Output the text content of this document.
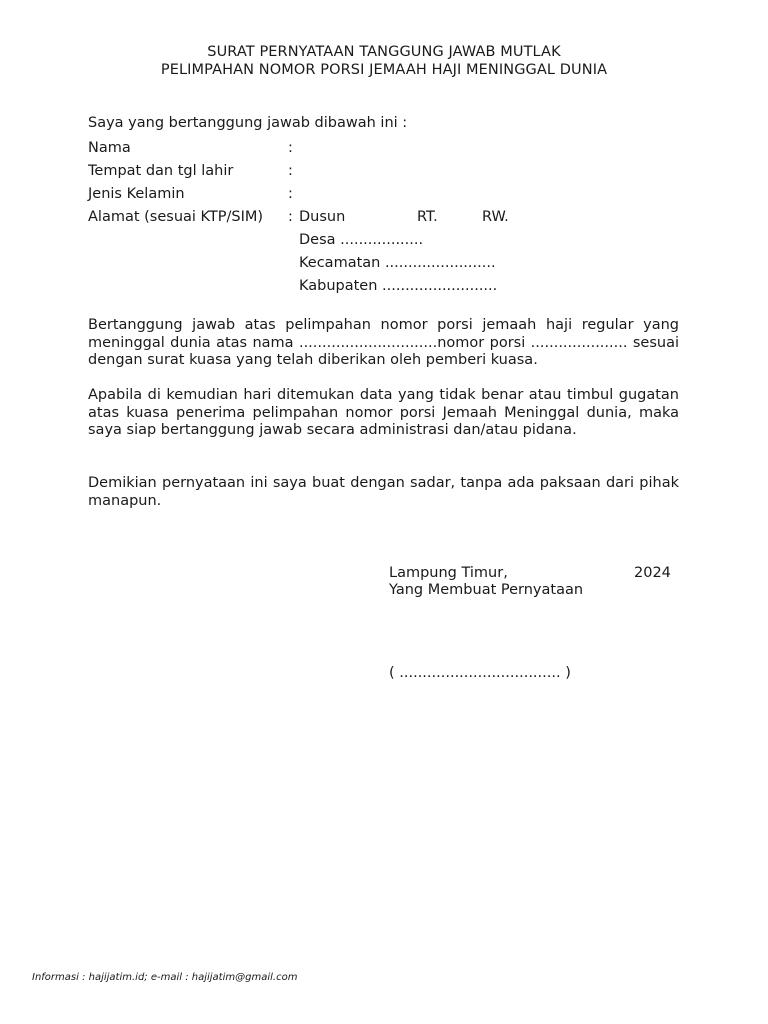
SURAT PERNYATAAN TANGGUNG JAWAB MUTLAK
PELIMPAHAN NOMOR PORSI JEMAAH HAJI MENINGGAL DUNIA
Saya yang bertanggung jawab dibawah ini :
Nama	:
Tempat dan tgl lahir	:
Jenis Kelamin	:
Alamat (sesuai KTP/SIM) : Dusun	RT.	RW.
Desa ..................
Kecamatan ........................
Kabupaten .........................
Bertanggung jawab atas pelimpahan nomor porsi jemaah haji regular yang meninggal dunia atas nama ..............................nomor porsi ..................... sesuai dengan surat kuasa yang telah diberikan oleh pemberi kuasa.
Apabila di kemudian hari ditemukan data yang tidak benar atau timbul gugatan atas kuasa penerima pelimpahan nomor porsi Jemaah Meninggal dunia, maka saya siap bertanggung jawab secara administrasi dan/atau pidana.
Demikian pernyataan ini saya buat dengan sadar, tanpa ada paksaan dari pihak manapun.
Lampung Timur,	2024
Yang Membuat Pernyataan
( ................................... )
Informasi : hajijatim.id; e-mail : hajijatim@gmail.com
